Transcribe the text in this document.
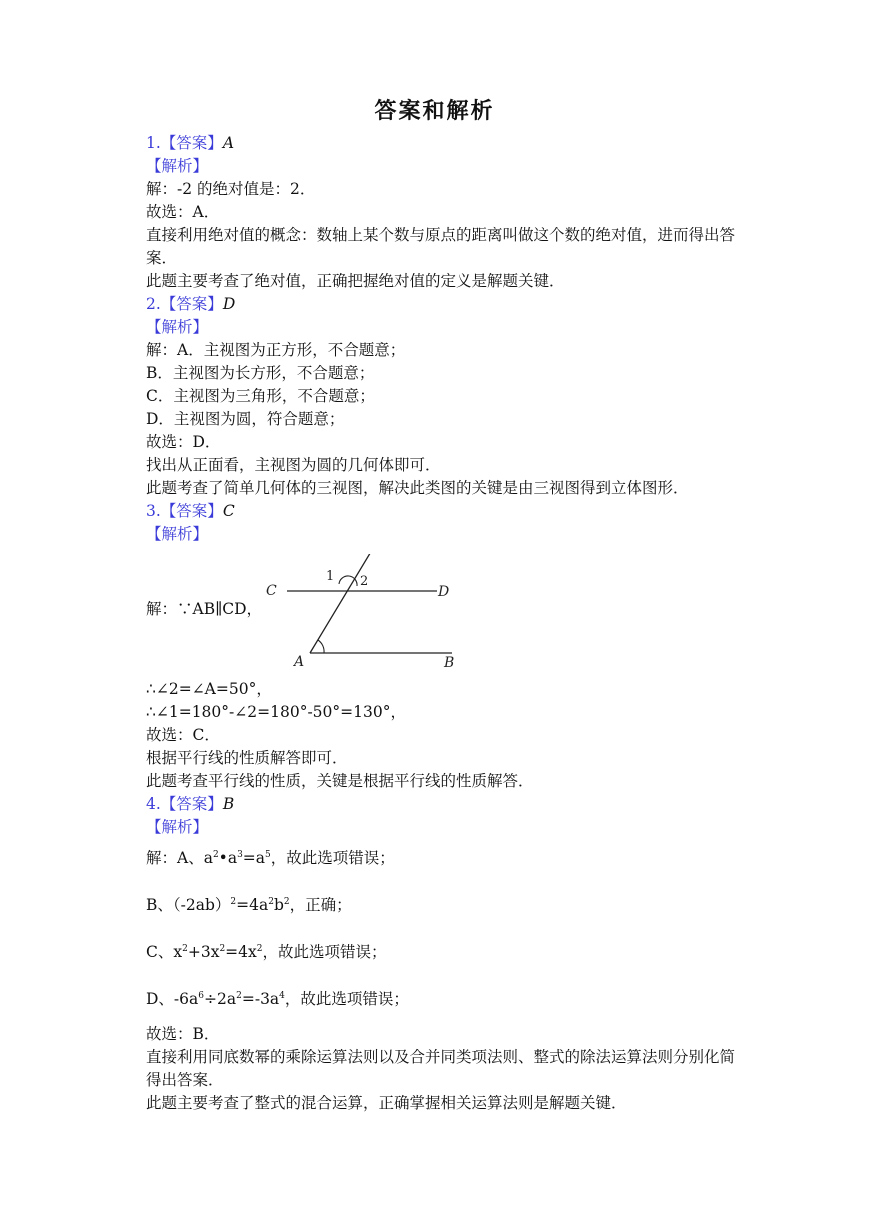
答案和解析

1.【答案】A

【解析】

解：-2 的绝对值是：2．

故选：A．

直接利用绝对值的概念：数轴上某个数与原点的距离叫做这个数的绝对值，进而得出答案．

此题主要考查了绝对值，正确把握绝对值的定义是解题关键．

2.【答案】D

【解析】

解：A．主视图为正方形，不合题意；

B．主视图为长方形，不合题意；

C．主视图为三角形，不合题意；

D．主视图为圆，符合题意；

故选：D．

找出从正面看，主视图为圆的几何体即可．

此题考查了简单几何体的三视图，解决此类图的关键是由三视图得到立体图形．

3.【答案】C

【解析】

解：∵AB∥CD，
C	D
A	B
1 2

∴∠2=∠A=50°，

∴∠1=180°-∠2=180°-50°=130°，

故选：C．

根据平行线的性质解答即可．

此题考查平行线的性质，关键是根据平行线的性质解答．

4.【答案】B

【解析】

解：A、$a^2•a^3=a^5$，故此选项错误；

B、$(-2ab)^2=4a^2b^2$，正确；

C、$x^2+3x^2=4x^2$，故此选项错误；

D、$-6a^6\div 2a^2=-3a^4$，故此选项错误；

故选：B．

直接利用同底数幂的乘除运算法则以及合并同类项法则、整式的除法运算法则分别化简得出答案．

此题主要考查了整式的混合运算，正确掌握相关运算法则是解题关键．
